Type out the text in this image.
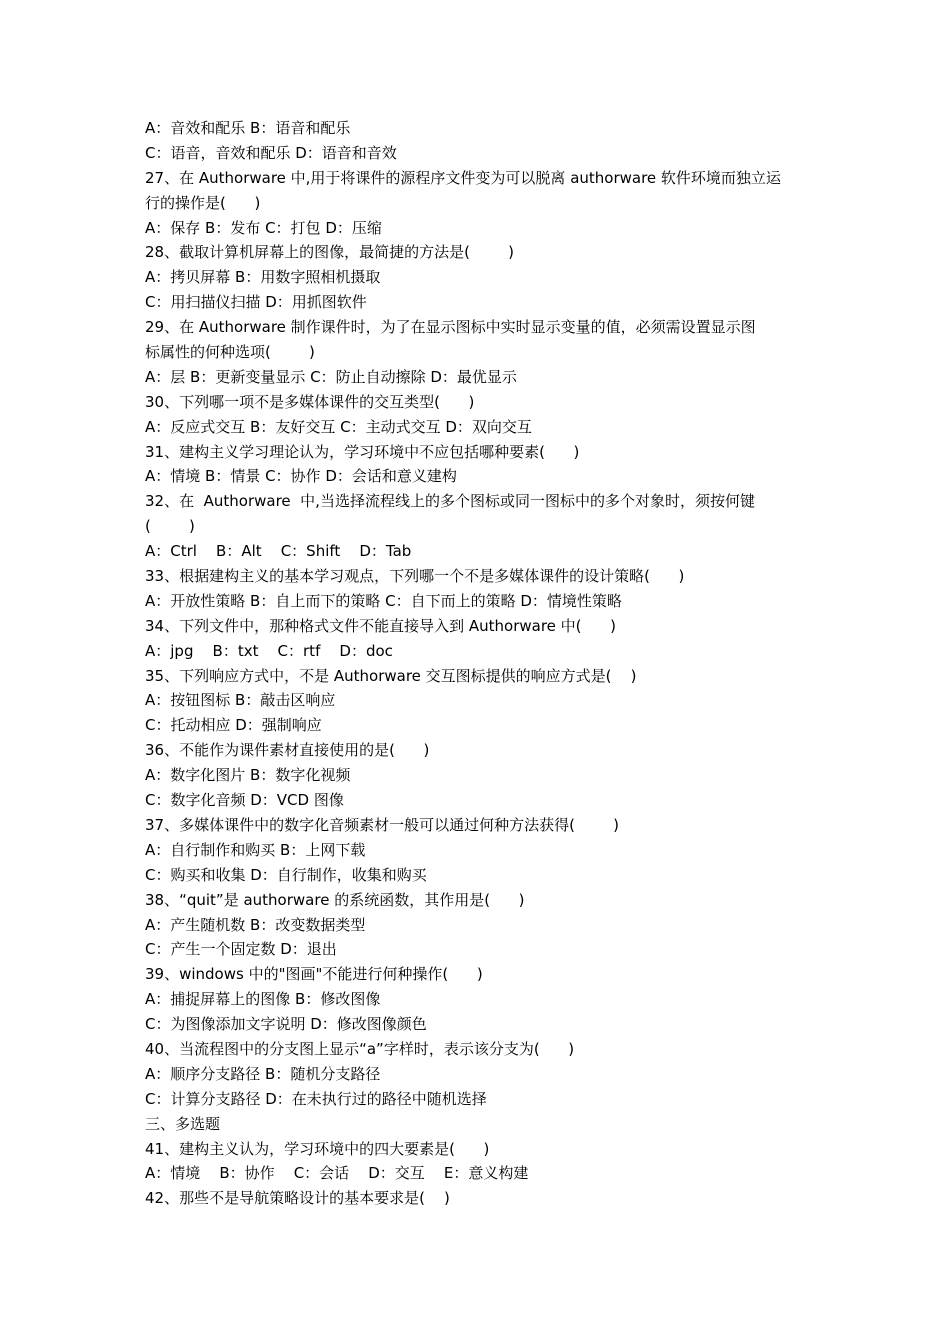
A：音效和配乐 B：语音和配乐
C：语音，音效和配乐 D：语音和音效
27、在 Authorware 中,用于将课件的源程序文件变为可以脱离 authorware 软件环境而独立运
行的操作是(      )
A：保存 B：发布 C：打包 D：压缩
28、截取计算机屏幕上的图像，最简捷的方法是(        )
A：拷贝屏幕 B：用数字照相机摄取
C：用扫描仪扫描 D：用抓图软件
29、在 Authorware 制作课件时，为了在显示图标中实时显示变量的值，必须需设置显示图
标属性的何种选项(        )
A：层 B：更新变量显示 C：防止自动擦除 D：最优显示
30、下列哪一项不是多媒体课件的交互类型(      )
A：反应式交互 B：友好交互 C：主动式交互 D：双向交互
31、建构主义学习理论认为，学习环境中不应包括哪种要素(      )
A：情境 B：情景 C：协作 D：会话和意义建构
32、在  Authorware  中,当选择流程线上的多个图标或同一图标中的多个对象时，须按何键
(        )
A：Ctrl    B：Alt    C：Shift    D：Tab
33、根据建构主义的基本学习观点，下列哪一个不是多媒体课件的设计策略(      )
A：开放性策略 B：自上而下的策略 C：自下而上的策略 D：情境性策略
34、下列文件中，那种格式文件不能直接导入到 Authorware 中(      )
A：jpg    B：txt    C：rtf    D：doc
35、下列响应方式中，不是 Authorware 交互图标提供的响应方式是(    )
A：按钮图标 B：敲击区响应
C：托动相应 D：强制响应
36、不能作为课件素材直接使用的是(      )
A：数字化图片 B：数字化视频
C：数字化音频 D：VCD 图像
37、多媒体课件中的数字化音频素材一般可以通过何种方法获得(        )
A：自行制作和购买 B：上网下载
C：购买和收集 D：自行制作，收集和购买
38、“quit”是 authorware 的系统函数，其作用是(      )
A：产生随机数 B：改变数据类型
C：产生一个固定数 D：退出
39、windows 中的"图画"不能进行何种操作(      )
A：捕捉屏幕上的图像 B：修改图像
C：为图像添加文字说明 D：修改图像颜色
40、当流程图中的分支图上显示“a”字样时，表示该分支为(      )
A：顺序分支路径 B：随机分支路径
C：计算分支路径 D：在未执行过的路径中随机选择
三、多选题
41、建构主义认为，学习环境中的四大要素是(      )
A：情境    B：协作    C：会话    D：交互    E：意义构建
42、那些不是导航策略设计的基本要求是(    )
